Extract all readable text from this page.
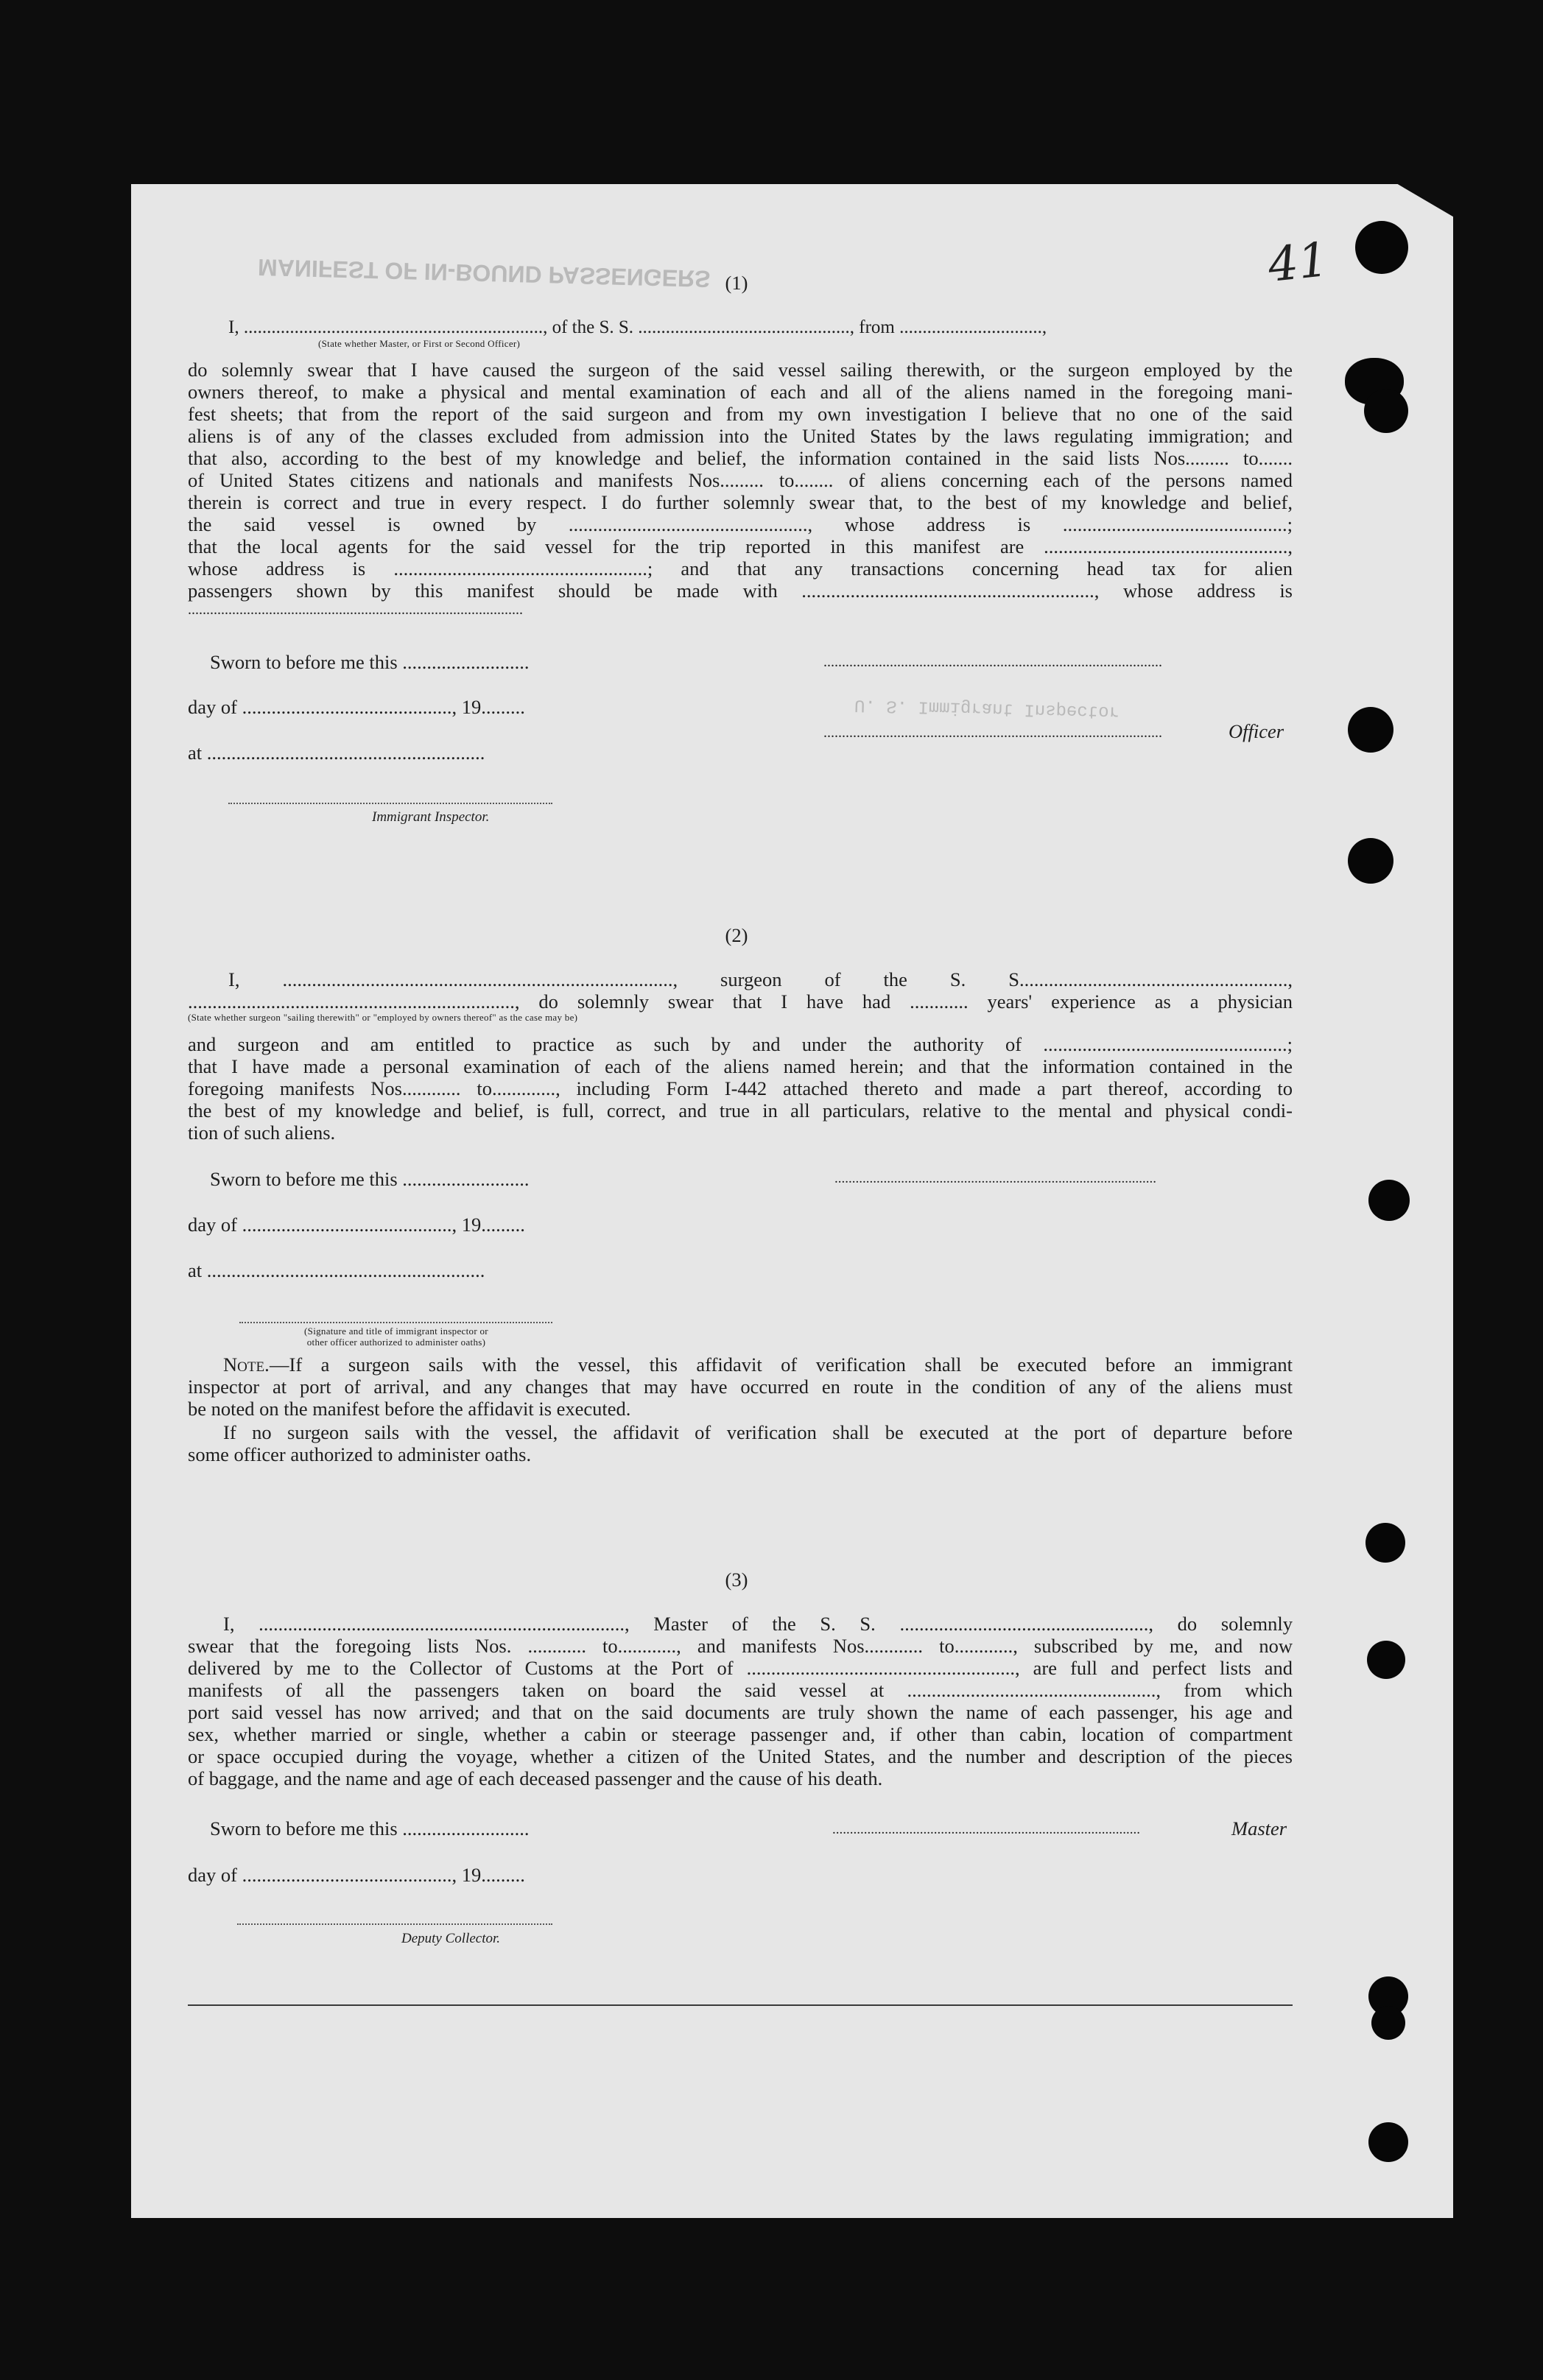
MANIFEST OF IN-BOUND PASSENGERS
U. S. Immigrant Inspector
41
(1)
I, ................................................................., of the S. S. .............................................., from ...............................,
(State whether Master, or First or Second Officer)
do solemnly swear that I have caused the surgeon of the said vessel sailing therewith, or the surgeon employed by the
owners thereof, to make a physical and mental examination of each and all of the aliens named in the foregoing mani-
fest sheets; that from the report of the said surgeon and from my own investigation I believe that no one of the said
aliens is of any of the classes excluded from admission into the United States by the laws regulating immigration; and
that also, according to the best of my knowledge and belief, the information contained in the said lists Nos......... to.......
of United States citizens and nationals and manifests Nos......... to........ of aliens concerning each of the persons named
therein is correct and true in every respect. I do further solemnly swear that, to the best of my knowledge and belief,
the said vessel is owned by ................................................., whose address is ..............................................;
that the local agents for the said vessel for the trip reported in this manifest are ..................................................,
whose address is ....................................................; and that any transactions concerning head tax for alien
passengers shown by this manifest should be made with ............................................................, whose address is
...........................................................................................
Sworn to before me this ..........................	............................................................................................
day of ..........................................., 19.........
............................................................................................	Officer
at .........................................................
Immigrant Inspector.
(2)
I, ................................................................................, surgeon of the S. S.......................................................,
..................................................................., do solemnly swear that I have had ............ years' experience as a physician
(State whether surgeon "sailing therewith" or "employed by owners thereof" as the case may be)
and surgeon and am entitled to practice as such by and under the authority of ..................................................;
that I have made a personal examination of each of the aliens named herein; and that the information contained in the
foregoing manifests Nos............ to............., including Form I-442 attached thereto and made a part thereof, according to
the best of my knowledge and belief, is full, correct, and true in all particulars, relative to the mental and physical condi-
tion of such aliens.
Sworn to before me this ..........................	............................................................................................
day of ..........................................., 19.........
at .........................................................
(Signature and title of immigrant inspector or
other officer authorized to administer oaths)
Note. —If a surgeon sails with the vessel, this affidavit of verification shall be executed before an immigrant
inspector at port of arrival, and any changes that may have occurred en route in the condition of any of the aliens must
be noted on the manifest before the affidavit is executed.
If no surgeon sails with the vessel, the affidavit of verification shall be executed at the port of departure before
some officer authorized to administer oaths.
(3)
I, ..........................................................................., Master of the S. S. ..................................................., do solemnly
swear that the foregoing lists Nos. ............ to............, and manifests Nos............ to............, subscribed by me, and now
delivered by me to the Collector of Customs at the Port of ......................................................., are full and perfect lists and
manifests of all the passengers taken on board the said vessel at ..................................................., from which
port said vessel has now arrived; and that on the said documents are truly shown the name of each passenger, his age and
sex, whether married or single, whether a cabin or steerage passenger and, if other than cabin, location of compartment
or space occupied during the voyage, whether a citizen of the United States, and the number and description of the pieces
of baggage, and the name and age of each deceased passenger and the cause of his death.
Sworn to before me this ..........................	........................................................................................	Master
day of ..........................................., 19.........
Deputy Collector.
